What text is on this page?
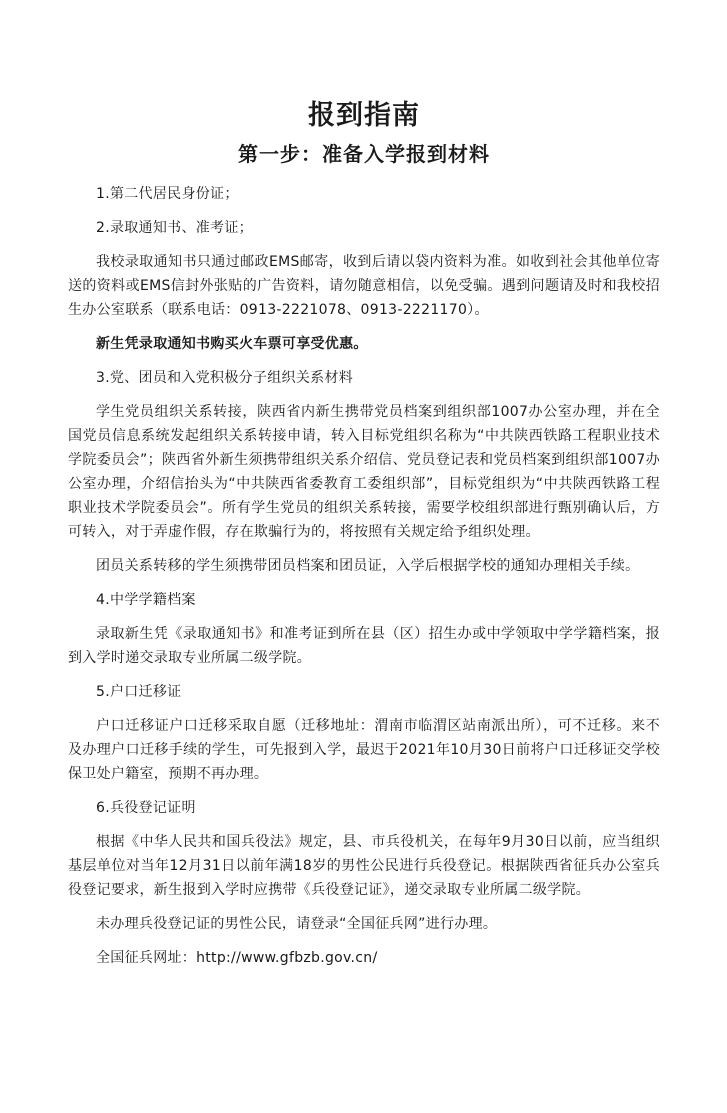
报到指南
第一步：准备入学报到材料

1.第二代居民身份证；

2.录取通知书、准考证；

我校录取通知书只通过邮政EMS邮寄，收到后请以袋内资料为准。如收到社会其他单位寄送的资料或EMS信封外张贴的广告资料，请勿随意相信，以免受骗。遇到问题请及时和我校招生办公室联系（联系电话：0913-2221078、0913-2221170）。

新生凭录取通知书购买火车票可享受优惠。

3.党、团员和入党积极分子组织关系材料

学生党员组织关系转接，陕西省内新生携带党员档案到组织部1007办公室办理，并在全国党员信息系统发起组织关系转接申请，转入目标党组织名称为“中共陕西铁路工程职业技术学院委员会”；陕西省外新生须携带组织关系介绍信、党员登记表和党员档案到组织部1007办公室办理，介绍信抬头为“中共陕西省委教育工委组织部”，目标党组织为“中共陕西铁路工程职业技术学院委员会”。所有学生党员的组织关系转接，需要学校组织部进行甄别确认后，方可转入，对于弄虚作假，存在欺骗行为的，将按照有关规定给予组织处理。

团员关系转移的学生须携带团员档案和团员证，入学后根据学校的通知办理相关手续。

4.中学学籍档案

录取新生凭《录取通知书》和准考证到所在县（区）招生办或中学领取中学学籍档案，报到入学时递交录取专业所属二级学院。

5.户口迁移证

户口迁移证户口迁移采取自愿（迁移地址：渭南市临渭区站南派出所），可不迁移。来不及办理户口迁移手续的学生，可先报到入学，最迟于2021年10月30日前将户口迁移证交学校保卫处户籍室，预期不再办理。

6.兵役登记证明

根据《中华人民共和国兵役法》规定，县、市兵役机关，在每年9月30日以前，应当组织基层单位对当年12月31日以前年满18岁的男性公民进行兵役登记。根据陕西省征兵办公室兵役登记要求，新生报到入学时应携带《兵役登记证》，递交录取专业所属二级学院。

未办理兵役登记证的男性公民，请登录“全国征兵网”进行办理。

全国征兵网址：http://www.gfbzb.gov.cn/
